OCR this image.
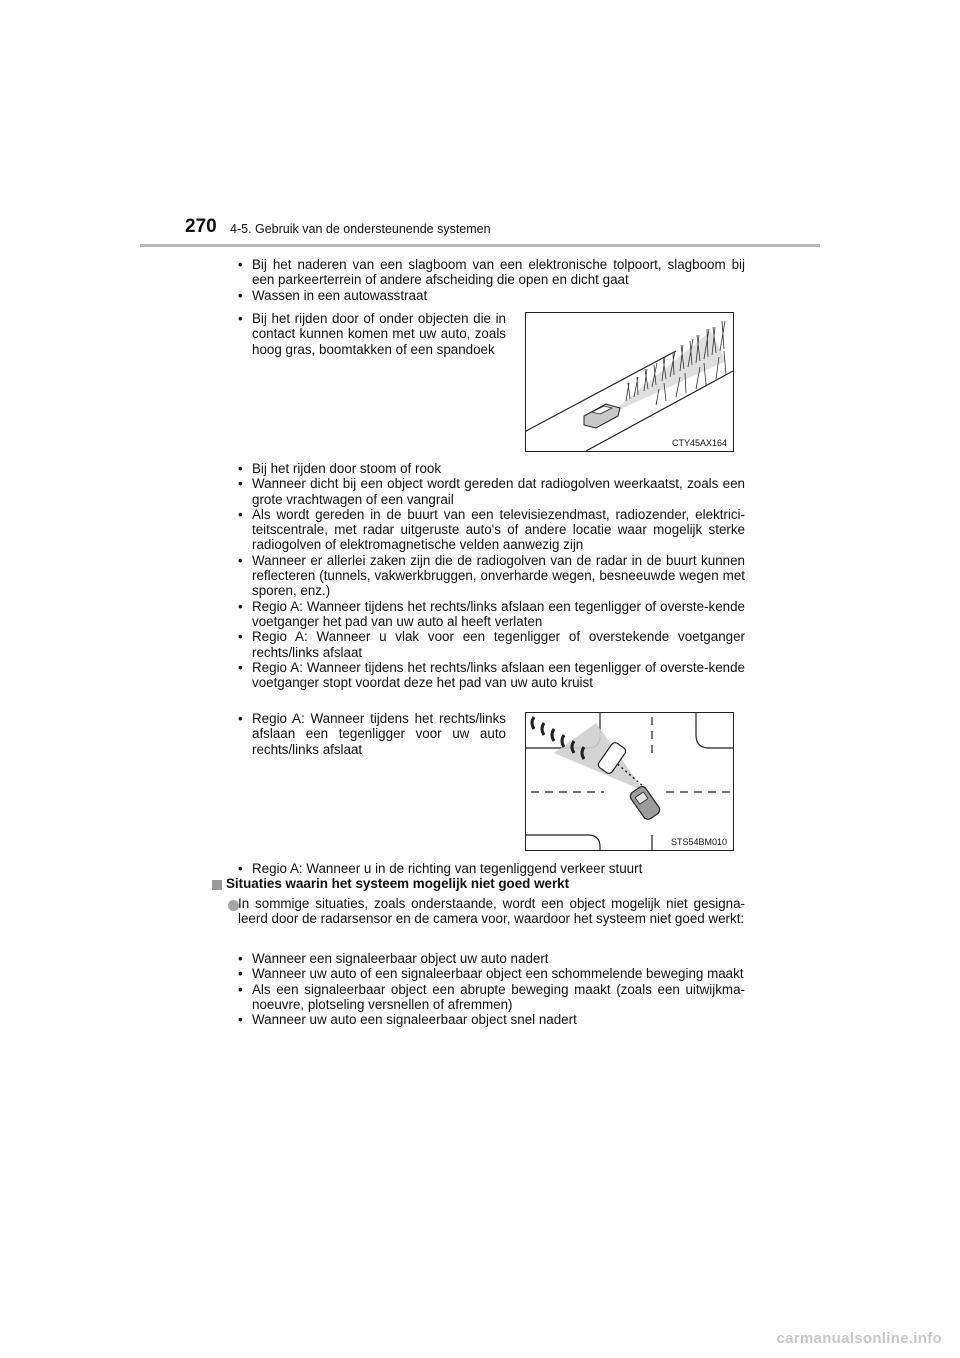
270 4-5. Gebruik van de ondersteunende systemen
• Bij het naderen van een slagboom van een elektronische tolpoort, slagboom bij een parkeerterrein of andere afscheiding die open en dicht gaat
• Wassen in een autowasstraat
• Bij het rijden door of onder objecten die in contact kunnen komen met uw auto, zoals hoog gras, boomtakken of een spandoek
CTY45AX164
• Bij het rijden door stoom of rook
• Wanneer dicht bij een object wordt gereden dat radiogolven weerkaatst, zoals een grote vrachtwagen of een vangrail
• Als wordt gereden in de buurt van een televisiezendmast, radiozender, elektrici-teitscentrale, met radar uitgeruste auto's of andere locatie waar mogelijk sterke radiogolven of elektromagnetische velden aanwezig zijn
• Wanneer er allerlei zaken zijn die de radiogolven van de radar in de buurt kunnen reflecteren (tunnels, vakwerkbruggen, onverharde wegen, besneeuwde wegen met sporen, enz.)
• Regio A: Wanneer tijdens het rechts/links afslaan een tegenligger of overste-kende voetganger het pad van uw auto al heeft verlaten
• Regio A: Wanneer u vlak voor een tegenligger of overstekende voetganger rechts/links afslaat
• Regio A: Wanneer tijdens het rechts/links afslaan een tegenligger of overste-kende voetganger stopt voordat deze het pad van uw auto kruist
• Regio A: Wanneer tijdens het rechts/links afslaan een tegenligger voor uw auto rechts/links afslaat
STS54BM010
• Regio A: Wanneer u in de richting van tegenliggend verkeer stuurt
Situaties waarin het systeem mogelijk niet goed werkt
In sommige situaties, zoals onderstaande, wordt een object mogelijk niet gesigna-leerd door de radarsensor en de camera voor, waardoor het systeem niet goed werkt:
• Wanneer een signaleerbaar object uw auto nadert
• Wanneer uw auto of een signaleerbaar object een schommelende beweging maakt
• Als een signaleerbaar object een abrupte beweging maakt (zoals een uitwijkma-noeuvre, plotseling versnellen of afremmen)
• Wanneer uw auto een signaleerbaar object snel nadert
carmanualsonline.info
